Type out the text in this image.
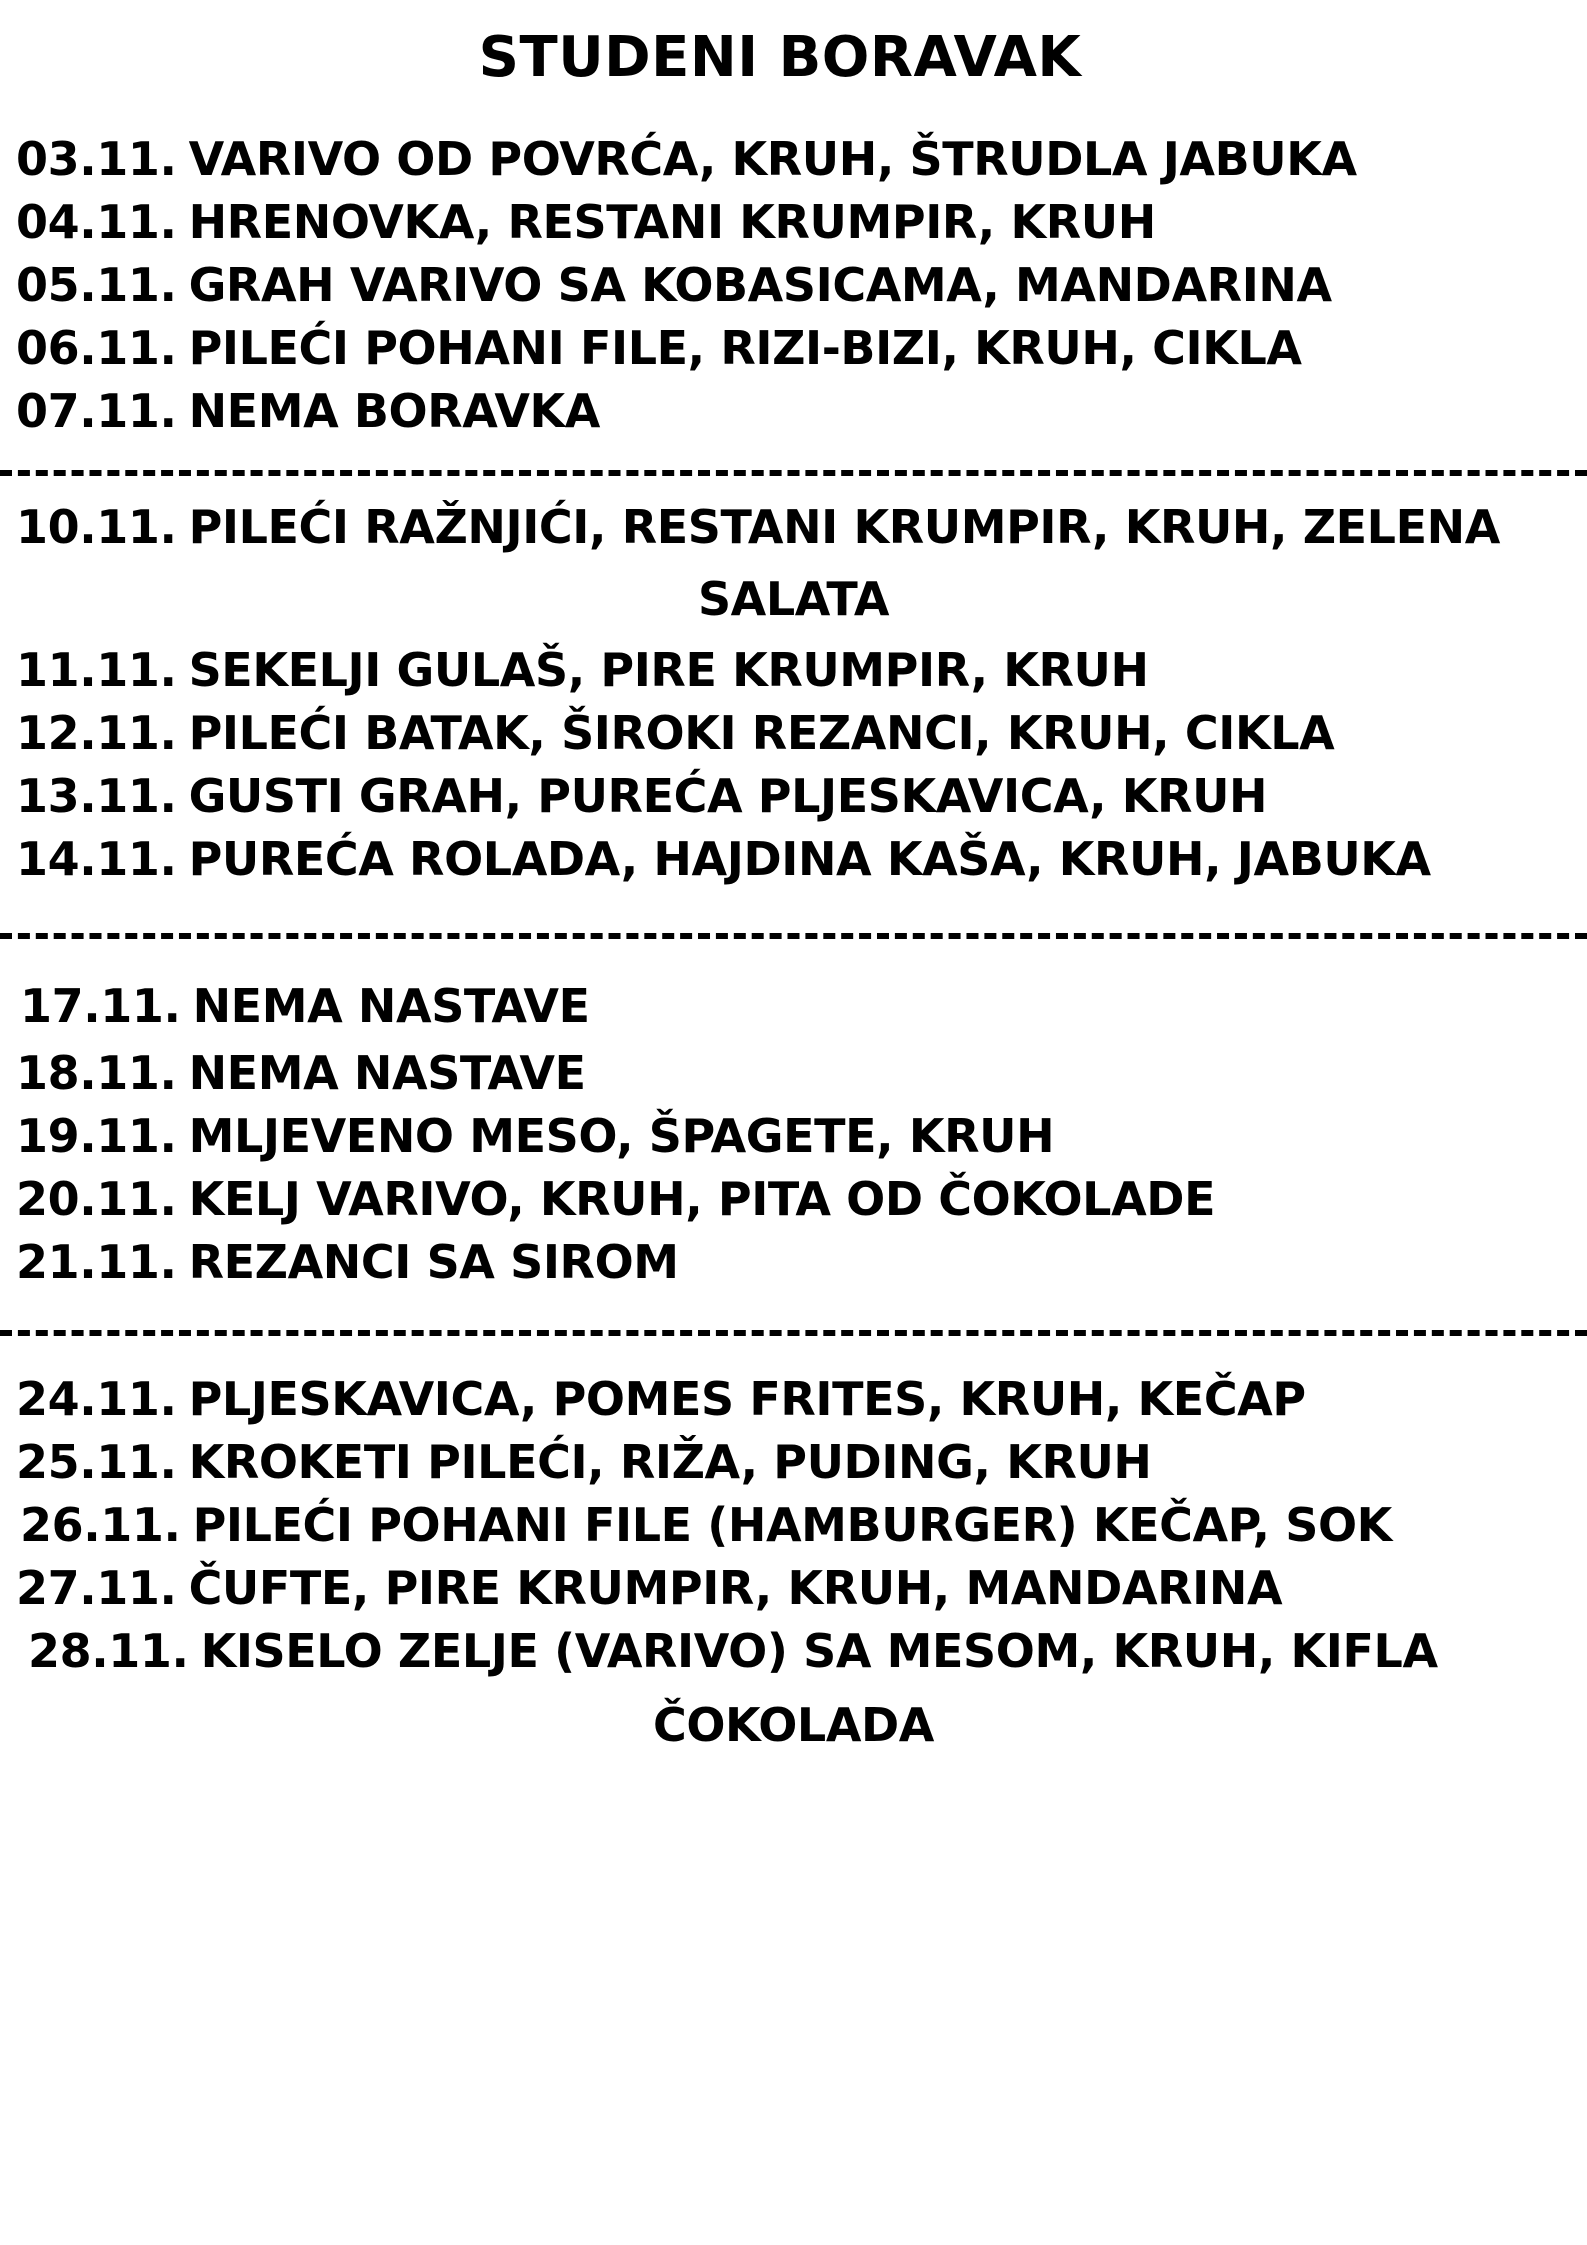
STUDENI BORAVAK
03.11. VARIVO OD POVRĆA, KRUH, ŠTRUDLA JABUKA
04.11. HRENOVKA, RESTANI KRUMPIR, KRUH
05.11. GRAH VARIVO SA KOBASICAMA, MANDARINA
06.11. PILEĆI POHANI FILE, RIZI-BIZI, KRUH, CIKLA
07.11. NEMA BORAVKA
10.11. PILEĆI RAŽNJIĆI, RESTANI KRUMPIR, KRUH, ZELENA
SALATA
11.11. SEKELJI GULAŠ, PIRE KRUMPIR, KRUH
12.11. PILEĆI BATAK, ŠIROKI REZANCI, KRUH, CIKLA
13.11. GUSTI GRAH, PUREĆA PLJESKAVICA, KRUH
14.11. PUREĆA ROLADA, HAJDINA KAŠA, KRUH, JABUKA
17.11. NEMA NASTAVE
18.11. NEMA NASTAVE
19.11. MLJEVENO MESO, ŠPAGETE, KRUH
20.11. KELJ VARIVO, KRUH, PITA OD ČOKOLADE
21.11. REZANCI SA SIROM
24.11. PLJESKAVICA, POMES FRITES, KRUH, KEČAP
25.11. KROKETI PILEĆI, RIŽA, PUDING, KRUH
26.11. PILEĆI POHANI FILE (HAMBURGER) KEČAP, SOK
27.11. ČUFTE, PIRE KRUMPIR, KRUH, MANDARINA
28.11. KISELO ZELJE (VARIVO) SA MESOM, KRUH, KIFLA
ČOKOLADA
